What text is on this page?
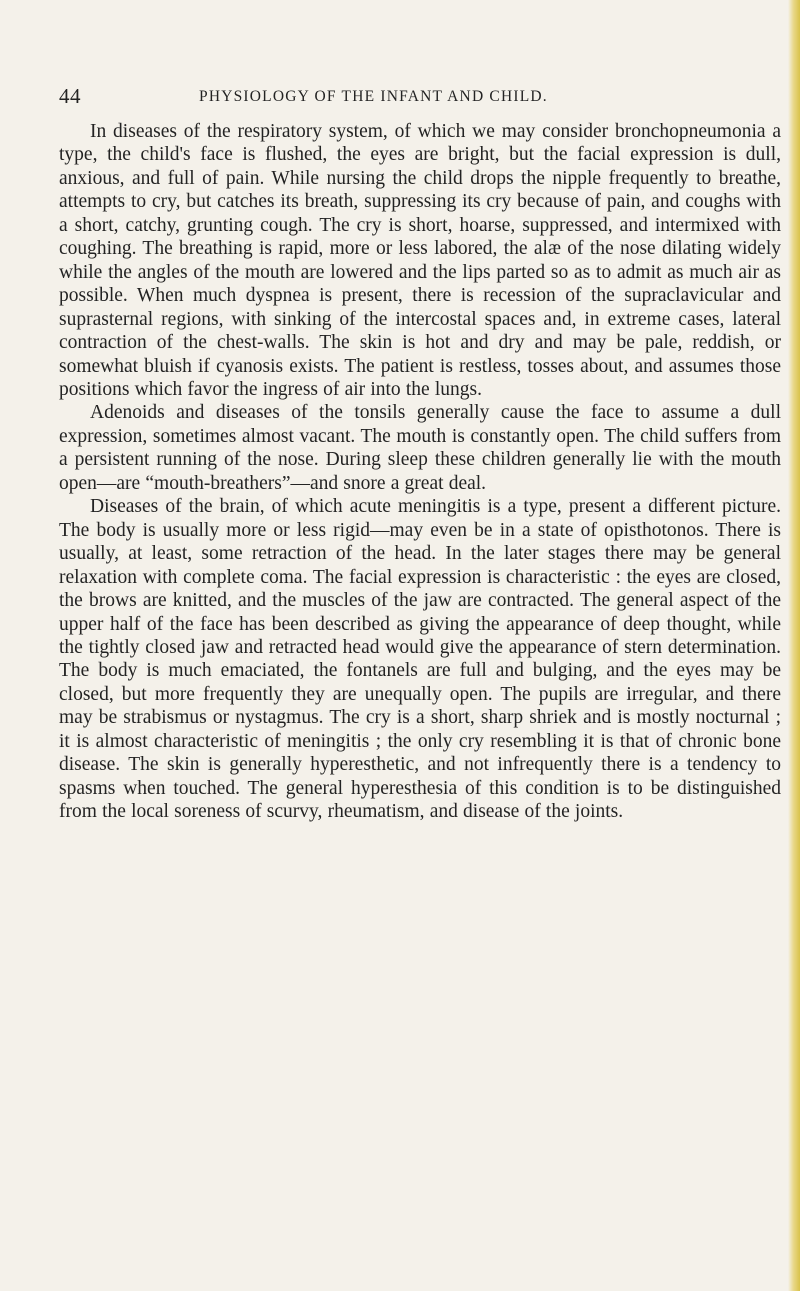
44	PHYSIOLOGY OF THE INFANT AND CHILD.

In diseases of the respiratory system, of which we may consider bronchopneumonia a type, the child's face is flushed, the eyes are bright, but the facial expression is dull, anxious, and full of pain. While nursing the child drops the nipple frequently to breathe, attempts to cry, but catches its breath, suppressing its cry because of pain, and coughs with a short, catchy, grunting cough. The cry is short, hoarse, suppressed, and intermixed with coughing. The breathing is rapid, more or less labored, the alæ of the nose dilating widely while the angles of the mouth are lowered and the lips parted so as to admit as much air as possible. When much dyspnea is present, there is recession of the supraclavicular and suprasternal regions, with sinking of the intercostal spaces and, in extreme cases, lateral contraction of the chest-walls. The skin is hot and dry and may be pale, reddish, or somewhat bluish if cyanosis exists. The patient is restless, tosses about, and assumes those positions which favor the ingress of air into the lungs.

Adenoids and diseases of the tonsils generally cause the face to assume a dull expression, sometimes almost vacant. The mouth is constantly open. The child suffers from a persistent running of the nose. During sleep these children generally lie with the mouth open—are “mouth-breathers”—and snore a great deal.

Diseases of the brain, of which acute meningitis is a type, present a different picture. The body is usually more or less rigid—may even be in a state of opisthotonos. There is usually, at least, some retraction of the head. In the later stages there may be general relaxation with complete coma. The facial expression is characteristic : the eyes are closed, the brows are knitted, and the muscles of the jaw are contracted. The general aspect of the upper half of the face has been described as giving the appearance of deep thought, while the tightly closed jaw and retracted head would give the appearance of stern determination. The body is much emaciated, the fontanels are full and bulging, and the eyes may be closed, but more frequently they are unequally open. The pupils are irregular, and there may be strabismus or nystagmus. The cry is a short, sharp shriek and is mostly nocturnal ; it is almost characteristic of meningitis ; the only cry resembling it is that of chronic bone disease. The skin is generally hyperesthetic, and not infrequently there is a tendency to spasms when touched. The general hyperesthesia of this condition is to be distinguished from the local soreness of scurvy, rheumatism, and disease of the joints.
